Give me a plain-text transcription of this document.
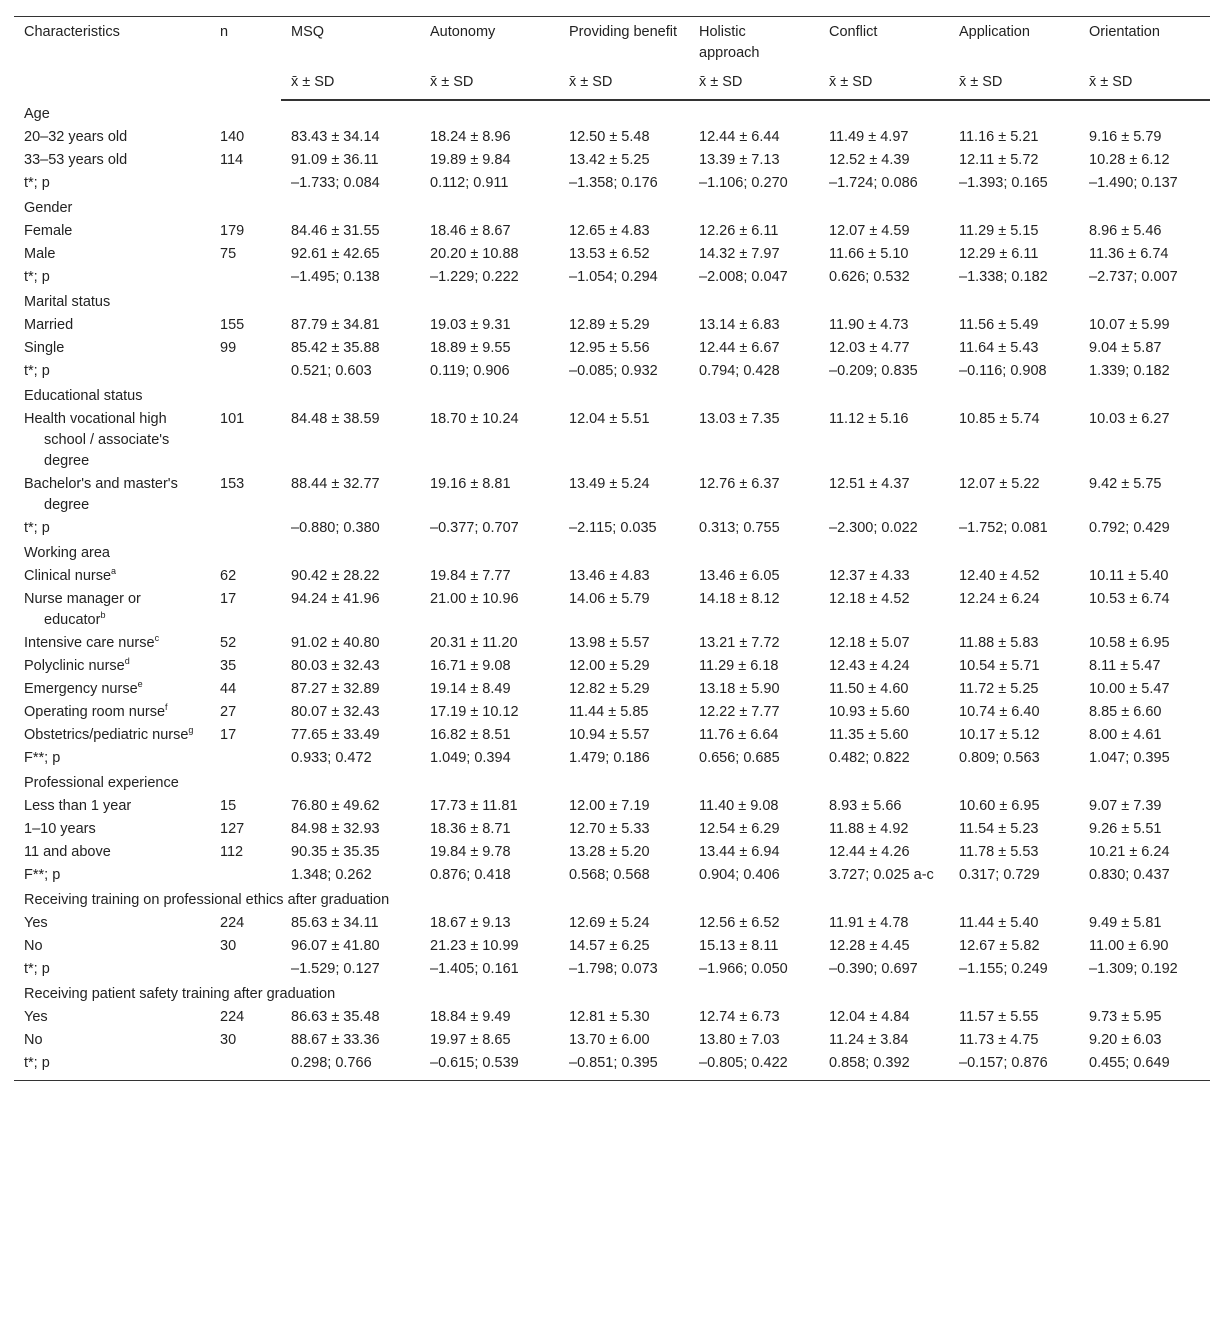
Characteristics	n	MSQ	Autonomy	Providing benefit	Holistic approach	Conflict	Application	Orientation
		x̄ ± SD	x̄ ± SD	x̄ ± SD	x̄ ± SD	x̄ ± SD	x̄ ± SD	x̄ ± SD
Age								
20–32 years old	140	83.43 ± 34.14	18.24 ± 8.96	12.50 ± 5.48	12.44 ± 6.44	11.49 ± 4.97	11.16 ± 5.21	9.16 ± 5.79
33–53 years old	114	91.09 ± 36.11	19.89 ± 9.84	13.42 ± 5.25	13.39 ± 7.13	12.52 ± 4.39	12.11 ± 5.72	10.28 ± 6.12
t*; p		–1.733; 0.084	0.112; 0.911	–1.358; 0.176	–1.106; 0.270	–1.724; 0.086	–1.393; 0.165	–1.490; 0.137
Gender								
Female	179	84.46 ± 31.55	18.46 ± 8.67	12.65 ± 4.83	12.26 ± 6.11	12.07 ± 4.59	11.29 ± 5.15	8.96 ± 5.46
Male	75	92.61 ± 42.65	20.20 ± 10.88	13.53 ± 6.52	14.32 ± 7.97	11.66 ± 5.10	12.29 ± 6.11	11.36 ± 6.74
t*; p		–1.495; 0.138	–1.229; 0.222	–1.054; 0.294	–2.008; 0.047	0.626; 0.532	–1.338; 0.182	–2.737; 0.007
Marital status								
Married	155	87.79 ± 34.81	19.03 ± 9.31	12.89 ± 5.29	13.14 ± 6.83	11.90 ± 4.73	11.56 ± 5.49	10.07 ± 5.99
Single	99	85.42 ± 35.88	18.89 ± 9.55	12.95 ± 5.56	12.44 ± 6.67	12.03 ± 4.77	11.64 ± 5.43	9.04 ± 5.87
t*; p		0.521; 0.603	0.119; 0.906	–0.085; 0.932	0.794; 0.428	–0.209; 0.835	–0.116; 0.908	1.339; 0.182
Educational status								
Health vocational high school / associate's degree	101	84.48 ± 38.59	18.70 ± 10.24	12.04 ± 5.51	13.03 ± 7.35	11.12 ± 5.16	10.85 ± 5.74	10.03 ± 6.27
Bachelor's and master's degree	153	88.44 ± 32.77	19.16 ± 8.81	13.49 ± 5.24	12.76 ± 6.37	12.51 ± 4.37	12.07 ± 5.22	9.42 ± 5.75
t*; p		–0.880; 0.380	–0.377; 0.707	–2.115; 0.035	0.313; 0.755	–2.300; 0.022	–1.752; 0.081	0.792; 0.429
Working area								
Clinical nurse$^a$	62	90.42 ± 28.22	19.84 ± 7.77	13.46 ± 4.83	13.46 ± 6.05	12.37 ± 4.33	12.40 ± 4.52	10.11 ± 5.40
Nurse manager or educator$^b$	17	94.24 ± 41.96	21.00 ± 10.96	14.06 ± 5.79	14.18 ± 8.12	12.18 ± 4.52	12.24 ± 6.24	10.53 ± 6.74
Intensive care nurse$^c$	52	91.02 ± 40.80	20.31 ± 11.20	13.98 ± 5.57	13.21 ± 7.72	12.18 ± 5.07	11.88 ± 5.83	10.58 ± 6.95
Polyclinic nurse$^d$	35	80.03 ± 32.43	16.71 ± 9.08	12.00 ± 5.29	11.29 ± 6.18	12.43 ± 4.24	10.54 ± 5.71	8.11 ± 5.47
Emergency nurse$^e$	44	87.27 ± 32.89	19.14 ± 8.49	12.82 ± 5.29	13.18 ± 5.90	11.50 ± 4.60	11.72 ± 5.25	10.00 ± 5.47
Operating room nurse$^f$	27	80.07 ± 32.43	17.19 ± 10.12	11.44 ± 5.85	12.22 ± 7.77	10.93 ± 5.60	10.74 ± 6.40	8.85 ± 6.60
Obstetrics/pediatric nurse$^g$	17	77.65 ± 33.49	16.82 ± 8.51	10.94 ± 5.57	11.76 ± 6.64	11.35 ± 5.60	10.17 ± 5.12	8.00 ± 4.61
F**; p		0.933; 0.472	1.049; 0.394	1.479; 0.186	0.656; 0.685	0.482; 0.822	0.809; 0.563	1.047; 0.395
Professional experience								
Less than 1 year	15	76.80 ± 49.62	17.73 ± 11.81	12.00 ± 7.19	11.40 ± 9.08	8.93 ± 5.66	10.60 ± 6.95	9.07 ± 7.39
1–10 years	127	84.98 ± 32.93	18.36 ± 8.71	12.70 ± 5.33	12.54 ± 6.29	11.88 ± 4.92	11.54 ± 5.23	9.26 ± 5.51
11 and above	112	90.35 ± 35.35	19.84 ± 9.78	13.28 ± 5.20	13.44 ± 6.94	12.44 ± 4.26	11.78 ± 5.53	10.21 ± 6.24
F**; p		1.348; 0.262	0.876; 0.418	0.568; 0.568	0.904; 0.406	3.727; 0.025 a-c	0.317; 0.729	0.830; 0.437
Receiving training on professional ethics after graduation								
Yes	224	85.63 ± 34.11	18.67 ± 9.13	12.69 ± 5.24	12.56 ± 6.52	11.91 ± 4.78	11.44 ± 5.40	9.49 ± 5.81
No	30	96.07 ± 41.80	21.23 ± 10.99	14.57 ± 6.25	15.13 ± 8.11	12.28 ± 4.45	12.67 ± 5.82	11.00 ± 6.90
t*; p		–1.529; 0.127	–1.405; 0.161	–1.798; 0.073	–1.966; 0.050	–0.390; 0.697	–1.155; 0.249	–1.309; 0.192
Receiving patient safety training after graduation								
Yes	224	86.63 ± 35.48	18.84 ± 9.49	12.81 ± 5.30	12.74 ± 6.73	12.04 ± 4.84	11.57 ± 5.55	9.73 ± 5.95
No	30	88.67 ± 33.36	19.97 ± 8.65	13.70 ± 6.00	13.80 ± 7.03	11.24 ± 3.84	11.73 ± 4.75	9.20 ± 6.03
t*; p		0.298; 0.766	–0.615; 0.539	–0.851; 0.395	–0.805; 0.422	0.858; 0.392	–0.157; 0.876	0.455; 0.649
